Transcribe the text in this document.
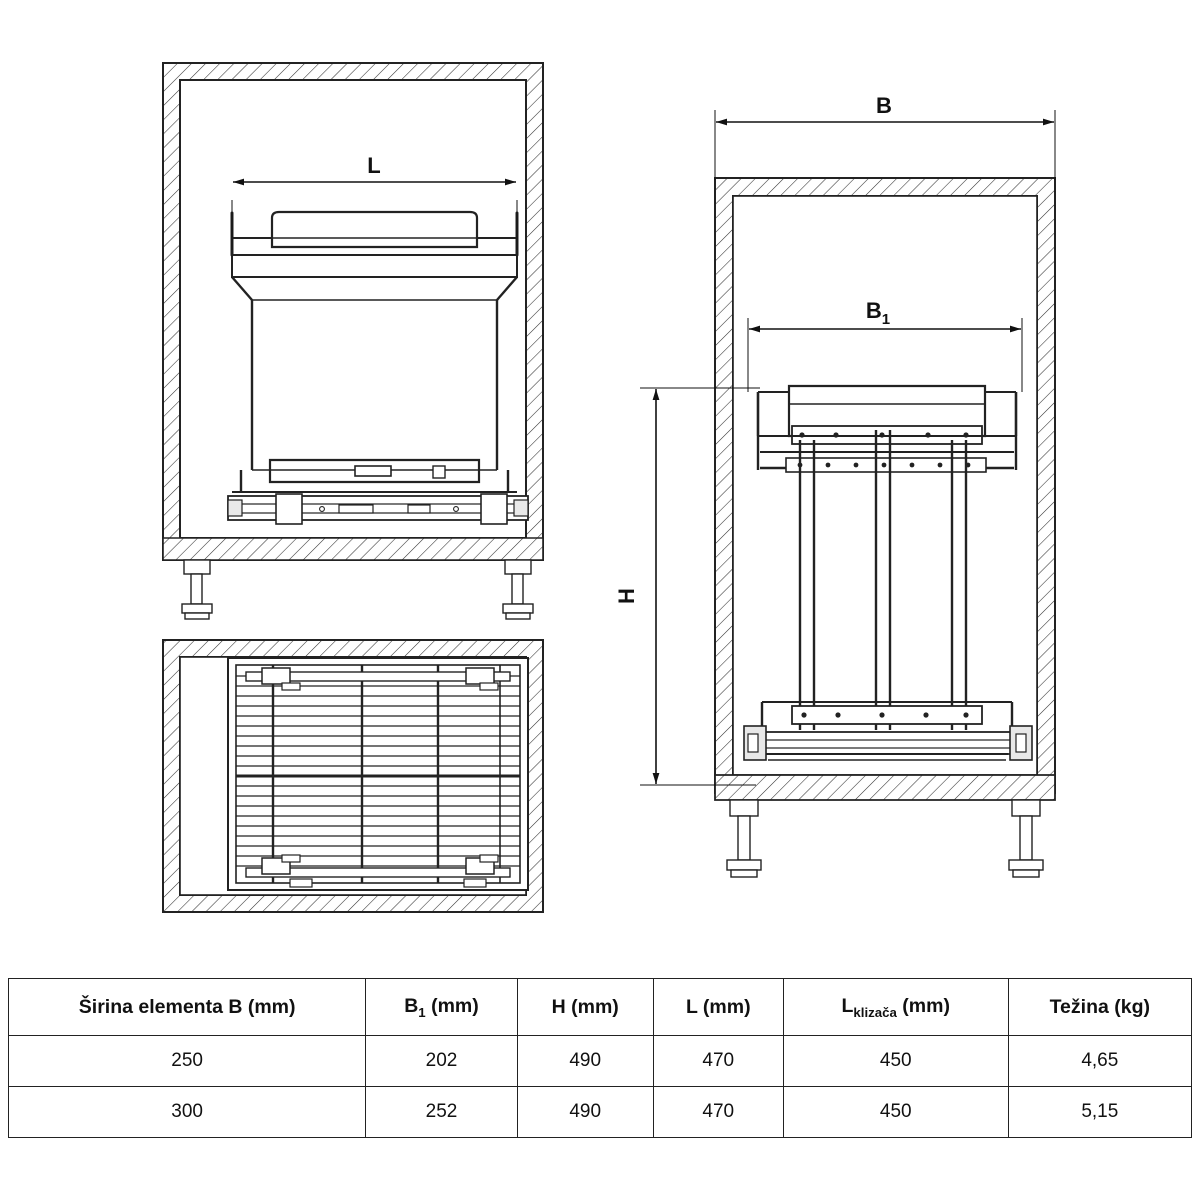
L
B
$B_1$
H
Širina elementa B (mm)	$B_1$ (mm)	H (mm)	L (mm)	$L_{klizača}$ (mm)	Težina (kg)
250	202	490	470	450	4,65
300	252	490	470	450	5,15
